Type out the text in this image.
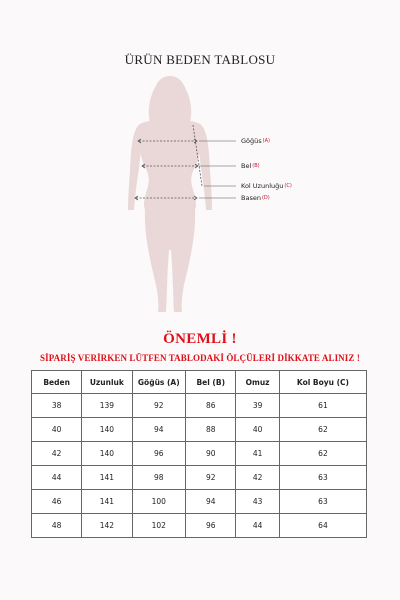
ÜRÜN BEDEN TABLOSU
Göğüs(A)
Bel(B)
Kol Uzunluğu(C)
Basen(D)
ÖNEMLİ !
SİPARİŞ VERİRKEN LÜTFEN TABLODAKİ ÖLÇÜLERİ DİKKATE ALINIZ !
Beden	Uzunluk	Göğüs (A)	Bel (B)	Omuz	Kol Boyu (C)
38	139	92	86	39	61
40	140	94	88	40	62
42	140	96	90	41	62
44	141	98	92	42	63
46	141	100	94	43	63
48	142	102	96	44	64
